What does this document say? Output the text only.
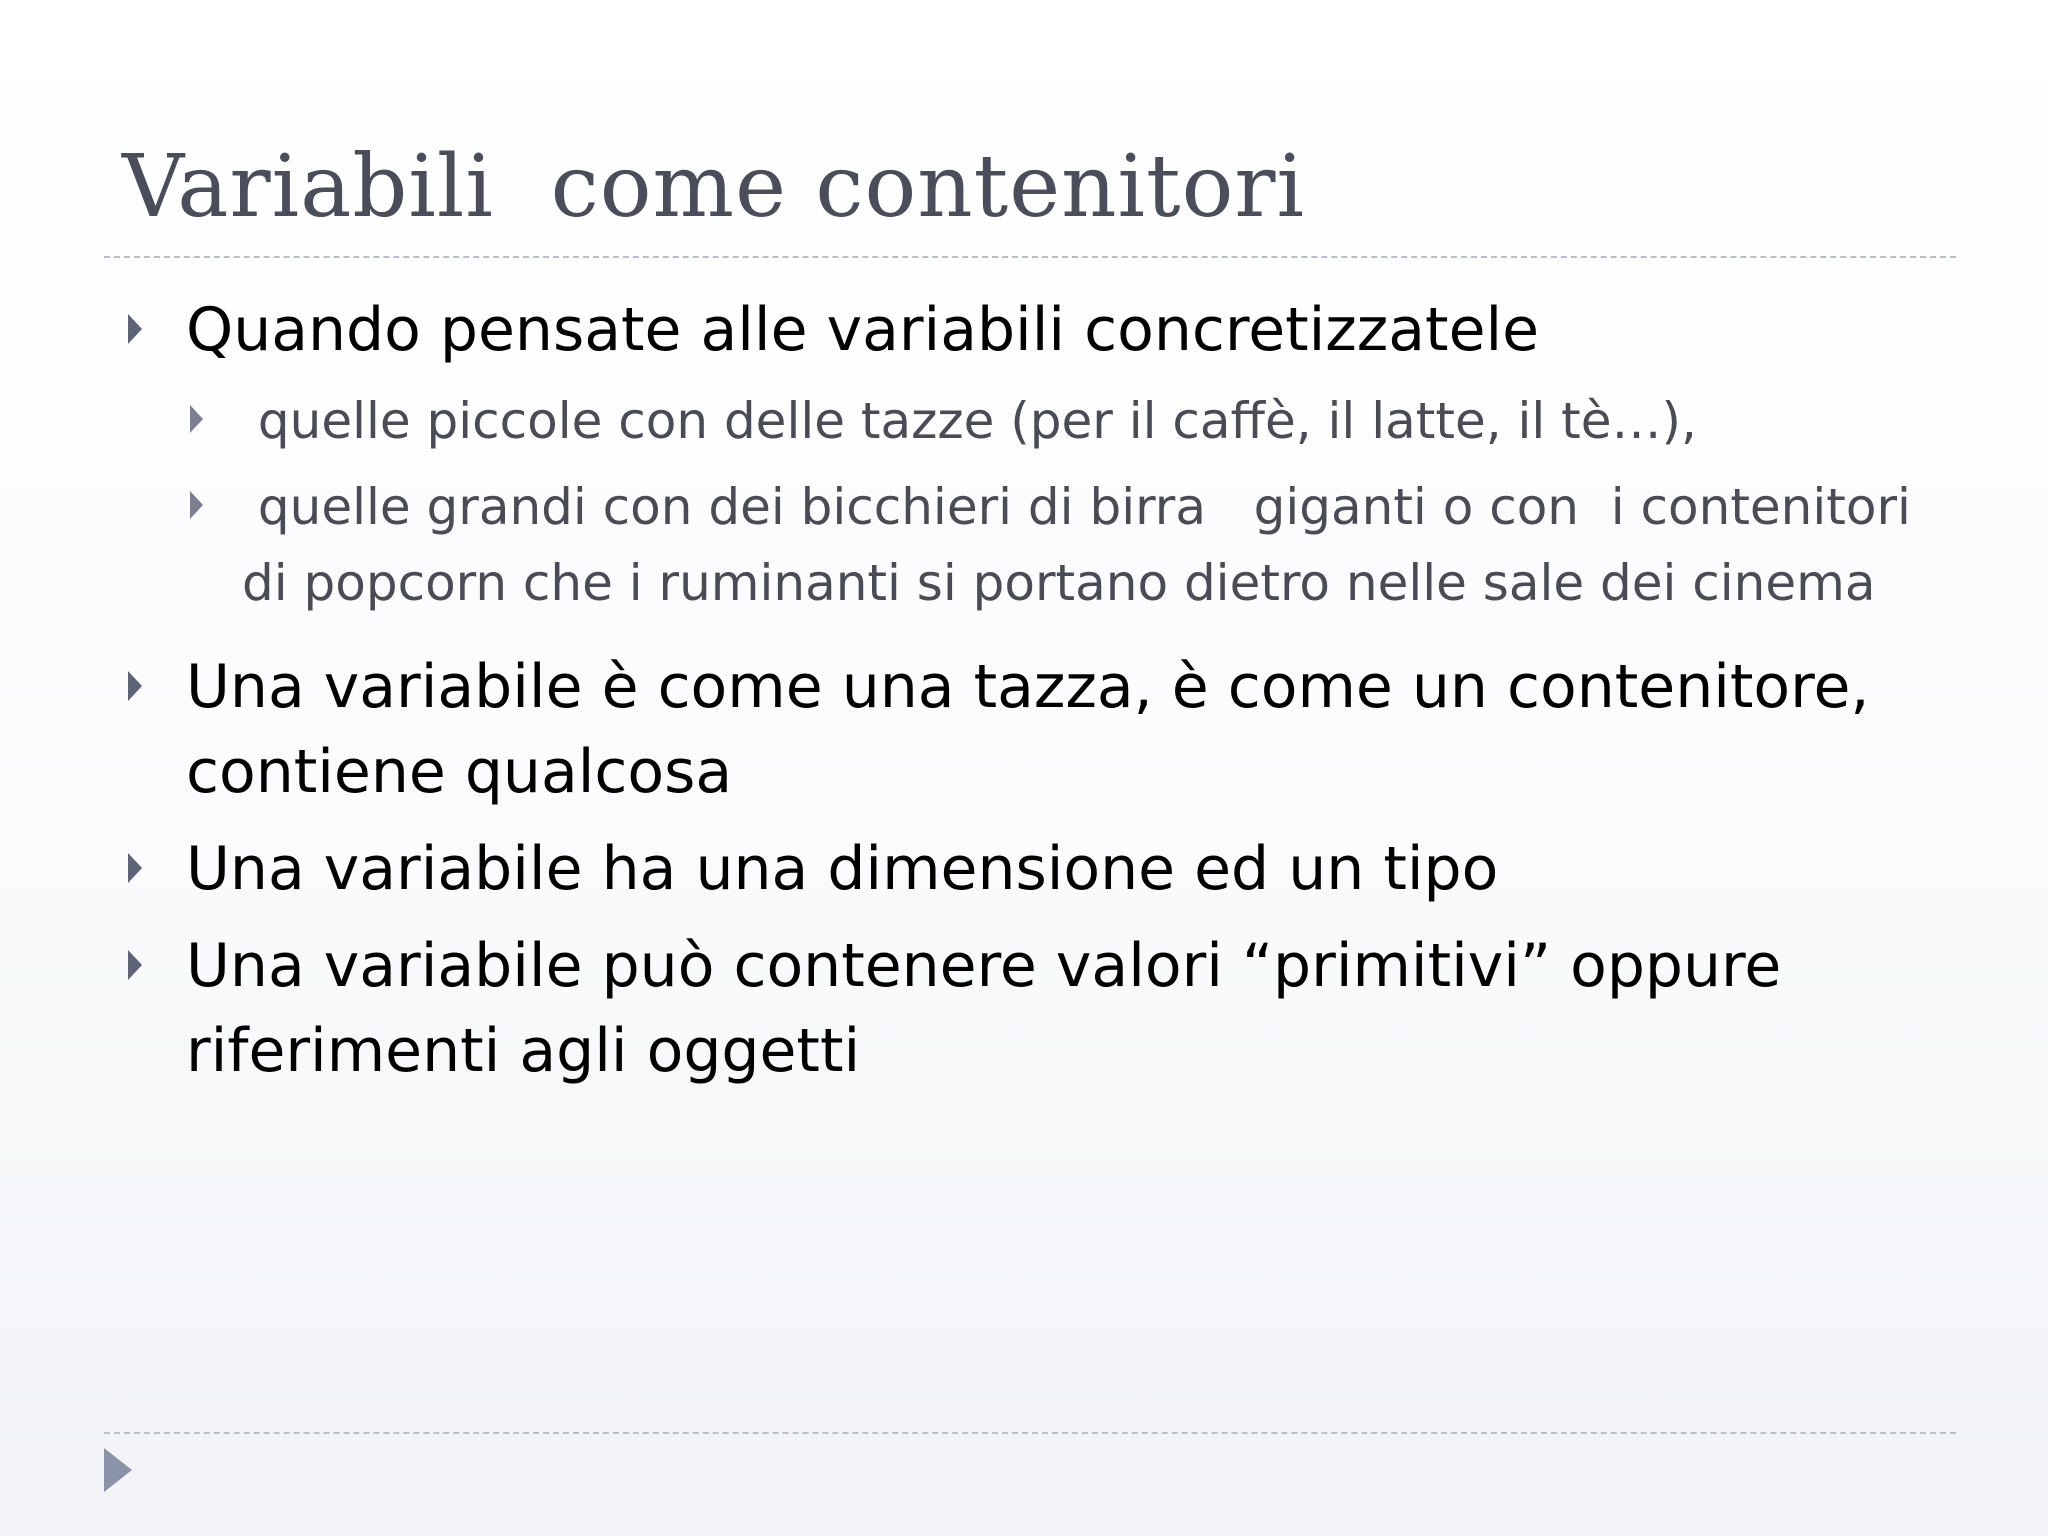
Variabili  come contenitori
Quando pensate alle variabili concretizzatele
quelle piccole con delle tazze (per il caffè, il latte, il tè…),
quelle grandi con dei bicchieri di birra   giganti o con  i contenitori di popcorn che i ruminanti si portano dietro nelle sale dei cinema
Una variabile è come una tazza, è come un contenitore, contiene qualcosa
Una variabile ha una dimensione ed un tipo
Una variabile può contenere valori “primitivi” oppure riferimenti agli oggetti
